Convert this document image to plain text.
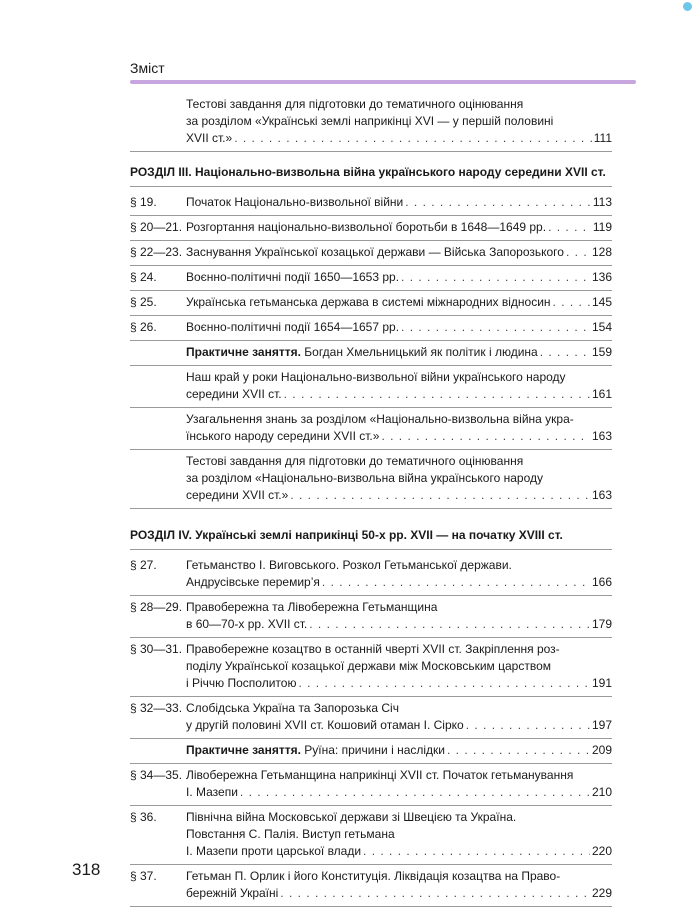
Зміст
Тестові завдання для підготовки до тематичного оцінювання
за розділом «Українські землі наприкінці XVI — у першій половині
XVII ст.» . . .	111
РОЗДІЛ III. Національно-визвольна війна українського народу середини XVII ст.
§ 19.	Початок Національно-визвольної війни . . .	113
§ 20—21. Розгортання національно-визвольної боротьби в 1648—1649 рр. . . .	119
§ 22—23. Заснування Української козацької держави — Війська Запорозького . . . 128
§ 24.	Воєнно-політичні події 1650—1653 рр. . . .	136
§ 25.	Українська гетьманська держава в системі міжнародних відносин . . .	145
§ 26.	Воєнно-політичні події 1654—1657 рр. . . .	154
Практичне заняття. Богдан Хмельницький як політик і людина . . .	159
Наш край у роки Національно-визвольної війни українського народу
середини XVII ст. . . .	161
Узагальнення знань за розділом «Національно-визвольна війна укра-
їнського народу середини XVII ст.» . . .	163
Тестові завдання для підготовки до тематичного оцінювання
за розділом «Національно-визвольна війна українського народу
середини XVII ст.» . . .	163
РОЗДІЛ IV. Українські землі наприкінці 50-х рр. XVII — на початку XVIII ст.
§ 27.	Гетьманство І. Виговського. Розкол Гетьманської держави.
Андрусівське перемир’я . . .	166
§ 28—29. Правобережна та Лівобережна Гетьманщина
в 60—70-х рр. XVII ст. . . .	179
§ 30—31. Правобережне козацтво в останній чверті XVII ст. Закріплення роз-
поділу Української козацької держави між Московським царством
і Річчю Посполитою . . .	191
§ 32—33. Слобідська Україна та Запорозька Січ
у другій половині XVII ст. Кошовий отаман І. Сірко . . .	197
Практичне заняття. Руїна: причини і наслідки . . .	209
§ 34—35. Лівобережна Гетьманщина наприкінці XVII ст. Початок гетьманування
І. Мазепи . . .	210
§ 36.	Північна війна Московської держави зі Швецією та Україна.
Повстання С. Палія. Виступ гетьмана
І. Мазепи проти царської влади . . .	220
§ 37.	Гетьман П. Орлик і його Конституція. Ліквідація козацтва на Право-
бережній Україні . . .	229
318
